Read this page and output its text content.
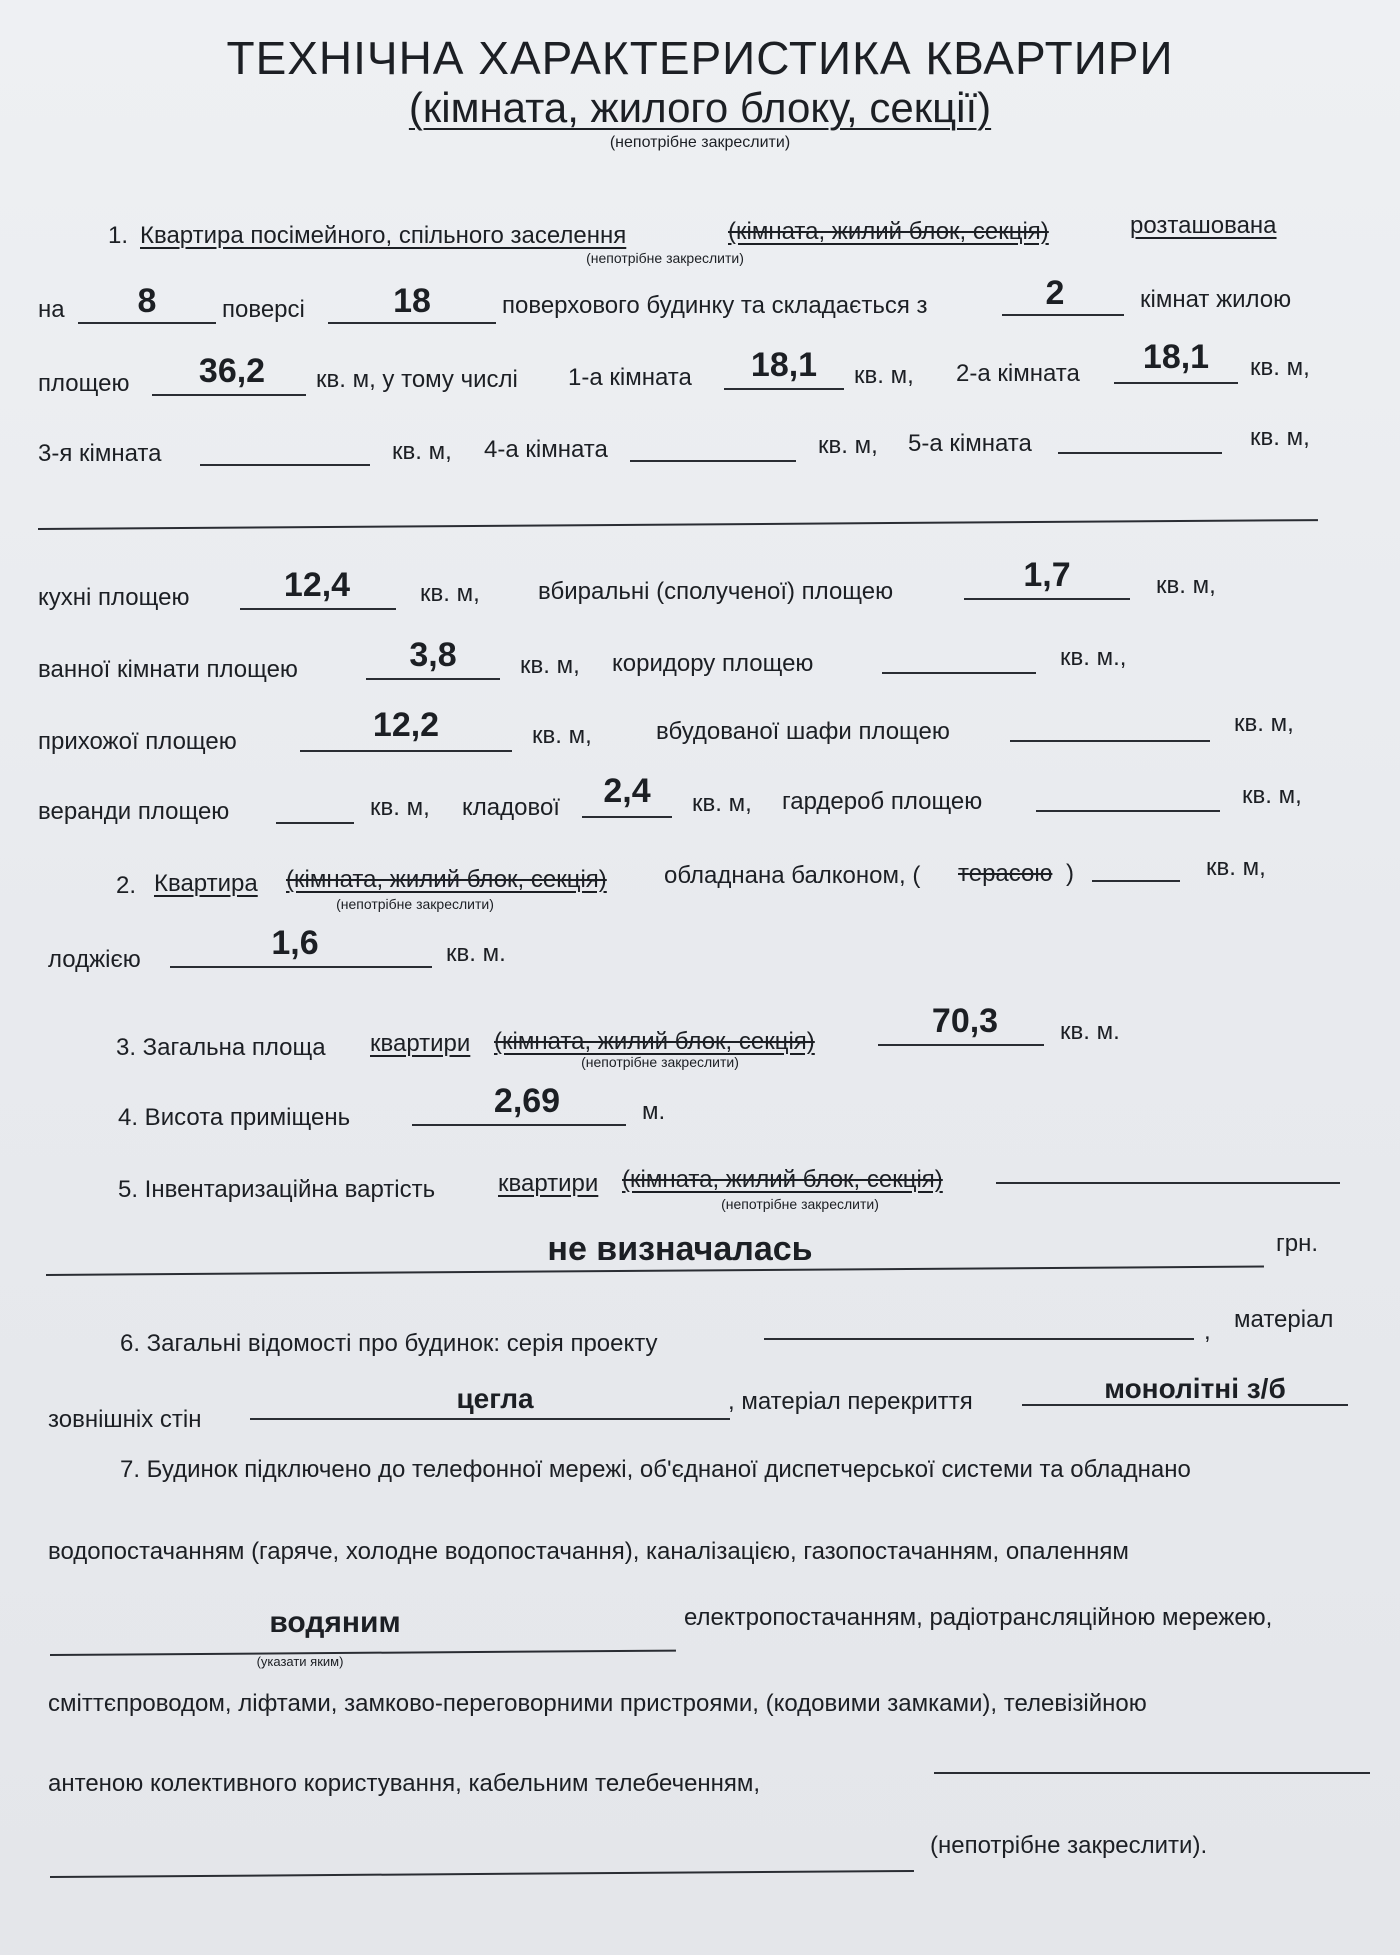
ТЕХНІЧНА ХАРАКТЕРИСТИКА КВАРТИРИ
(кімната, жилого блоку, секції)
(непотрібне закреслити)
1. Квартира посімейного, спільного заселення	(кімната, жилий блок, секція)	розташована
(непотрібне закреслити)
на	8	поверсі	18	поверхового будинку та складається з	2	кімнат жилою
площею	36,2	кв. м, у тому числі 1-а кімната	18,1	кв. м, 2-а кімната	18,1	кв. м,
3-я кімната	кв. м, 4-а кімната	кв. м, 5-а кімната	кв. м,
кухні площею	12,4	кв. м, вбиральні (сполученої) площею	1,7	кв. м,
ванної кімнати площею	3,8	кв. м, коридору площею	кв. м.,
прихожої площею	12,2	кв. м,	вбудованої шафи площею	кв. м,
веранди площею	кв. м, кладової	2,4	кв. м, гардероб площею	кв. м,
2. Квартира (кімната, жилий блок, секція) обладнана балконом, ( терасою )	кв. м,
(непотрібне закреслити)
лоджією	1,6	кв. м.
3. Загальна площа квартири (кімната, жилий блок, секція)
(непотрібне закреслити)
70,3	кв. м.
4. Висота приміщень	2,69	м.
5. Інвентаризаційна вартість	квартири (кімната, жилий блок, секція)
(непотрібне закреслити)
не визначалась	грн.
6. Загальні відомості про будинок: серія проекту	, матеріал
зовнішніх стін
цегла	, матеріал перекриття	монолітні з/б
7. Будинок підключено до телефонної мережі, об'єднаної диспетчерської системи та обладнано
водопостачанням (гаряче, холодне водопостачання), каналізацією, газопостачанням, опаленням
водяним
(указати яким)
електропостачанням, радіотрансляційною мережею,
сміттєпроводом, ліфтами, замково-переговорними пристроями, (кодовими замками), телевізійною
антеною колективного користування, кабельним телебеченням,
(непотрібне закреслити).
